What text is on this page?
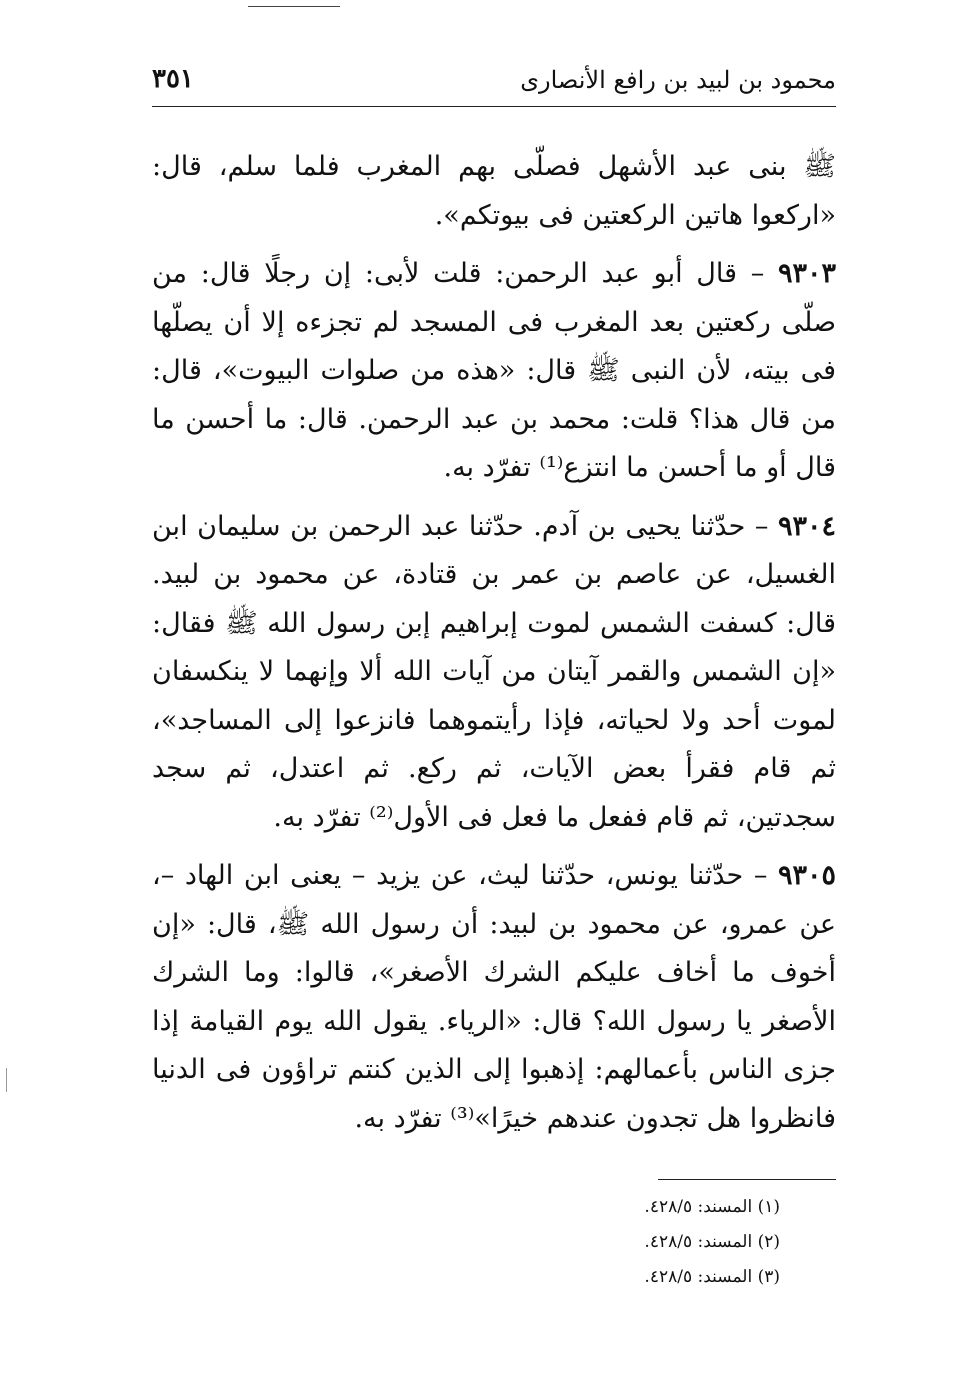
محمود بن لبيد بن رافع الأنصارى
٣٥١

ﷺ بنى عبد الأشهل فصلّى بهم المغرب فلما سلم، قال: «اركعوا هاتين الركعتين فى بيوتكم».

٩٣٠٣ – قال أبو عبد الرحمن: قلت لأبى: إن رجلًا قال: من صلّى ركعتين بعد المغرب فى المسجد لم تجزءه إلا أن يصلّها فى بيته، لأن النبى ﷺ قال: «هذه من صلوات البيوت»، قال: من قال هذا؟ قلت: محمد بن عبد الرحمن. قال: ما أحسن ما قال أو ما أحسن ما انتزع⁽¹⁾ تفرّد به.

٩٣٠٤ – حدّثنا يحيى بن آدم. حدّثنا عبد الرحمن بن سليمان ابن الغسيل، عن عاصم بن عمر بن قتادة، عن محمود بن لبيد. قال: كسفت الشمس لموت إبراهيم إبن رسول الله ﷺ فقال: «إن الشمس والقمر آيتان من آيات الله ألا وإنهما لا ينكسفان لموت أحد ولا لحياته، فإذا رأيتموهما فانزعوا إلى المساجد»، ثم قام فقرأ بعض الآيات، ثم ركع. ثم اعتدل، ثم سجد سجدتين، ثم قام ففعل ما فعل فى الأول⁽²⁾ تفرّد به.

٩٣٠٥ – حدّثنا يونس، حدّثنا ليث، عن يزيد – يعنى ابن الهاد –، عن عمرو، عن محمود بن لبيد: أن رسول الله ﷺ، قال: «إن أخوف ما أخاف عليكم الشرك الأصغر»، قالوا: وما الشرك الأصغر يا رسول الله؟ قال: «الرياء. يقول الله يوم القيامة إذا جزى الناس بأعمالهم: إذهبوا إلى الذين كنتم تراؤون فى الدنيا فانظروا هل تجدون عندهم خيرًا»⁽³⁾ تفرّد به.

(١) المسند: ٤٢٨/٥.
(٢) المسند: ٤٢٨/٥.
(٣) المسند: ٤٢٨/٥.
